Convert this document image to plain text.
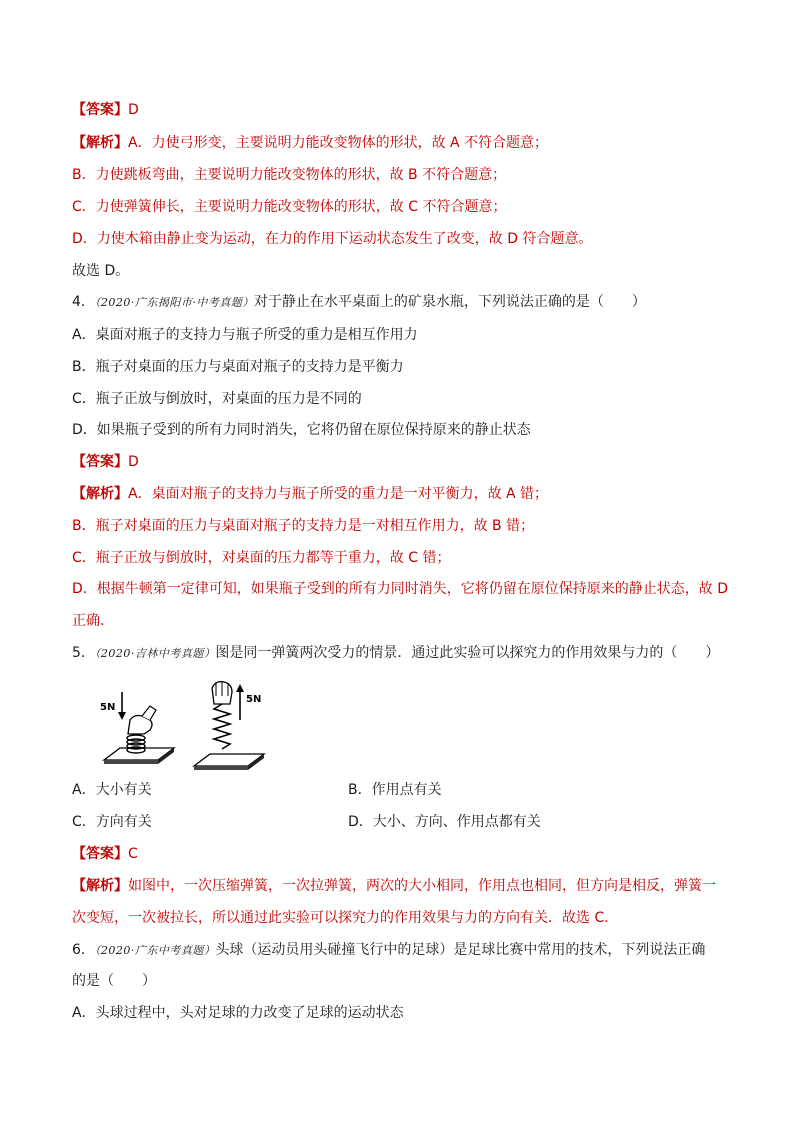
【答案】D
【解析】A．力使弓形变，主要说明力能改变物体的形状，故 A 不符合题意；
B．力使跳板弯曲，主要说明力能改变物体的形状，故 B 不符合题意；
C．力使弹簧伸长，主要说明力能改变物体的形状，故 C 不符合题意；
D．力使木箱由静止变为运动，在力的作用下运动状态发生了改变，故 D 符合题意。
故选 D。
4．（2020·广东揭阳市·中考真题）对于静止在水平桌面上的矿泉水瓶，下列说法正确的是（　　）
A．桌面对瓶子的支持力与瓶子所受的重力是相互作用力
B．瓶子对桌面的压力与桌面对瓶子的支持力是平衡力
C．瓶子正放与倒放时，对桌面的压力是不同的
D．如果瓶子受到的所有力同时消失，它将仍留在原位保持原来的静止状态
【答案】D
【解析】A．桌面对瓶子的支持力与瓶子所受的重力是一对平衡力，故 A 错；
B．瓶子对桌面的压力与桌面对瓶子的支持力是一对相互作用力，故 B 错；
C．瓶子正放与倒放时，对桌面的压力都等于重力，故 C 错；
D．根据牛顿第一定律可知，如果瓶子受到的所有力同时消失，它将仍留在原位保持原来的静止状态，故 D
正确．
5．（2020·吉林中考真题）图是同一弹簧两次受力的情景．通过此实验可以探究力的作用效果与力的（　　）
5N
5N
A．大小有关	B．作用点有关
C．方向有关	D．大小、方向、作用点都有关
【答案】C
【解析】如图中，一次压缩弹簧，一次拉弹簧，两次的大小相同，作用点也相同，但方向是相反，弹簧一
次变短，一次被拉长，所以通过此实验可以探究力的作用效果与力的方向有关．故选 C．
6．（2020·广东中考真题）头球（运动员用头碰撞飞行中的足球）是足球比赛中常用的技术，下列说法正确
的是（　　）
A．头球过程中，头对足球的力改变了足球的运动状态
